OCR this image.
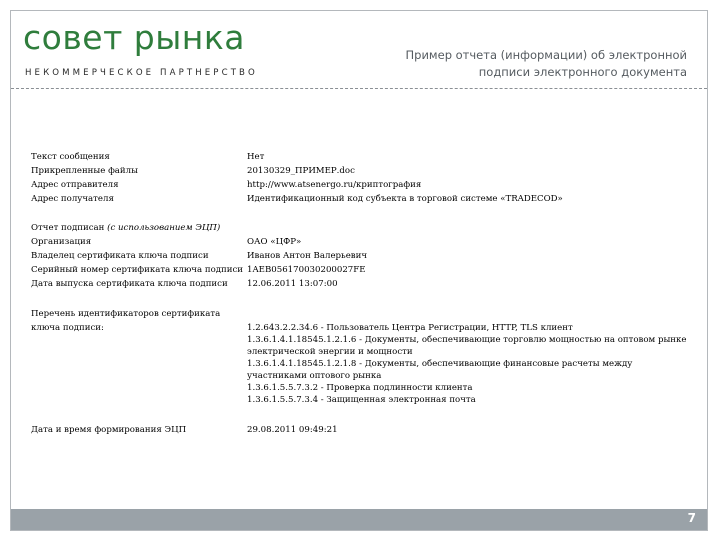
совет рынка
НЕКОММЕРЧЕСКОЕ ПАРТНЕРСТВО
Пример отчета (информации) об электронной
подписи электронного документа
Текст сообщения	Нет
Прикрепленные файлы	20130329_ПРИМЕР.doc
Адрес отправителя	http://www.atsenergo.ru/криптография
Адрес получателя	Идентификационный код субъекта в торговой системе «TRADECOD»
Отчет подписан (с использованием ЭЦП)
Организация	ОАО «ЦФР»
Владелец сертификата ключа подписи	Иванов Антон Валерьевич
Серийный номер сертификата ключа подписи 1AEB056170030200027FE
Дата выпуска сертификата ключа подписи	12.06.2011 13:07:00
Перечень идентификаторов сертификата
ключа подписи:	1.2.643.2.2.34.6 - Пользователь Центра Регистрации, HTTP, TLS клиент
1.3.6.1.4.1.18545.1.2.1.6 - Документы, обеспечивающие торговлю мощностью на оптовом рынке электрической энергии и мощности
1.3.6.1.4.1.18545.1.2.1.8 - Документы, обеспечивающие финансовые расчеты между участниками оптового рынка
1.3.6.1.5.5.7.3.2 - Проверка подлинности клиента
1.3.6.1.5.5.7.3.4 - Защищенная электронная почта
Дата и время формирования ЭЦП	29.08.2011 09:49:21
7
